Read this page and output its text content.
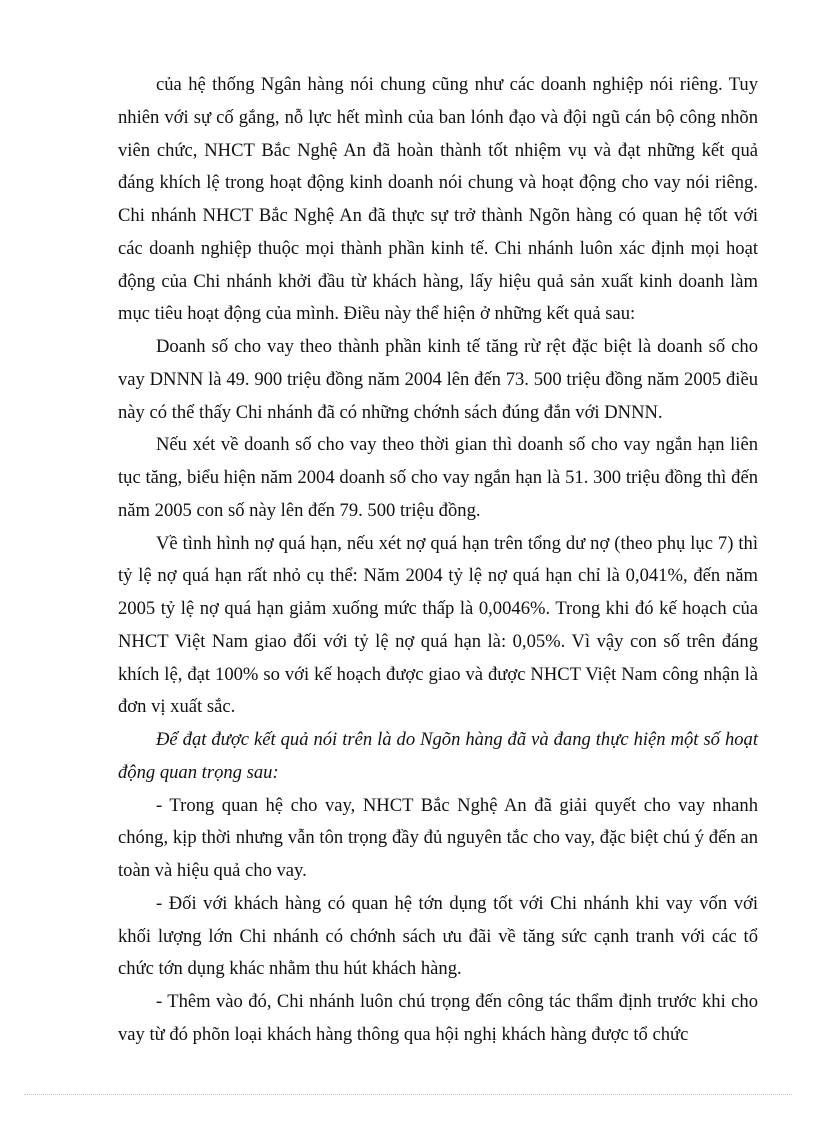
của hệ thống Ngân hàng nói chung cũng như các doanh nghiệp nói riêng. Tuy nhiên với sự cố gắng, nỗ lực hết mình của ban lónh đạo và đội ngũ cán bộ công nhõn viên chức, NHCT Bắc Nghệ An đã hoàn thành tốt nhiệm vụ và đạt những kết quả đáng khích lệ trong hoạt động kinh doanh nói chung và hoạt động cho vay nói riêng. Chi nhánh NHCT Bắc Nghệ An đã thực sự trở thành Ngõn hàng có quan hệ tốt với các doanh nghiệp thuộc mọi thành phần kinh tế. Chi nhánh luôn xác định mọi hoạt động của Chi nhánh khởi đầu từ khách hàng, lấy hiệu quả sản xuất kinh doanh làm mục tiêu hoạt động của mình. Điều này thể hiện ở những kết quả sau:

Doanh số cho vay theo thành phần kinh tế tăng rừ rệt đặc biệt là doanh số cho vay DNNN là 49. 900 triệu đồng năm 2004 lên đến 73. 500 triệu đồng năm 2005 điều này có thể thấy Chi nhánh đã có những chớnh sách đúng đắn với DNNN.

Nếu xét về doanh số cho vay theo thời gian thì doanh số cho vay ngắn hạn liên tục tăng, biểu hiện năm 2004 doanh số cho vay ngắn hạn là 51. 300 triệu đồng thì đến năm 2005 con số này lên đến 79. 500 triệu đồng.

Về tình hình nợ quá hạn, nếu xét nợ quá hạn trên tổng dư nợ (theo phụ lục 7) thì tỷ lệ nợ quá hạn rất nhỏ cụ thể: Năm 2004 tỷ lệ nợ quá hạn chỉ là 0,041%, đến năm 2005 tỷ lệ nợ quá hạn giảm xuống mức thấp là 0,0046%. Trong khi đó kế hoạch của NHCT Việt Nam giao đối với tỷ lệ nợ quá hạn là: 0,05%. Vì vậy con số trên đáng khích lệ, đạt 100% so với kế hoạch được giao và được NHCT Việt Nam công nhận là đơn vị xuất sắc.

Để đạt được kết quả nói trên là do Ngõn hàng đã và đang thực hiện một số hoạt động quan trọng sau:

- Trong quan hệ cho vay, NHCT Bắc Nghệ An đã giải quyết cho vay nhanh chóng, kịp thời nhưng vẫn tôn trọng đầy đủ nguyên tắc cho vay, đặc biệt chú ý đến an toàn và hiệu quả cho vay.

- Đối với khách hàng có quan hệ tớn dụng tốt với Chi nhánh khi vay vốn với khối lượng lớn Chi nhánh có chớnh sách ưu đãi về tăng sức cạnh tranh với các tổ chức tớn dụng khác nhằm thu hút khách hàng.

- Thêm vào đó, Chi nhánh luôn chú trọng đến công tác thẩm định trước khi cho vay từ đó phõn loại khách hàng thông qua hội nghị khách hàng được tổ chức
